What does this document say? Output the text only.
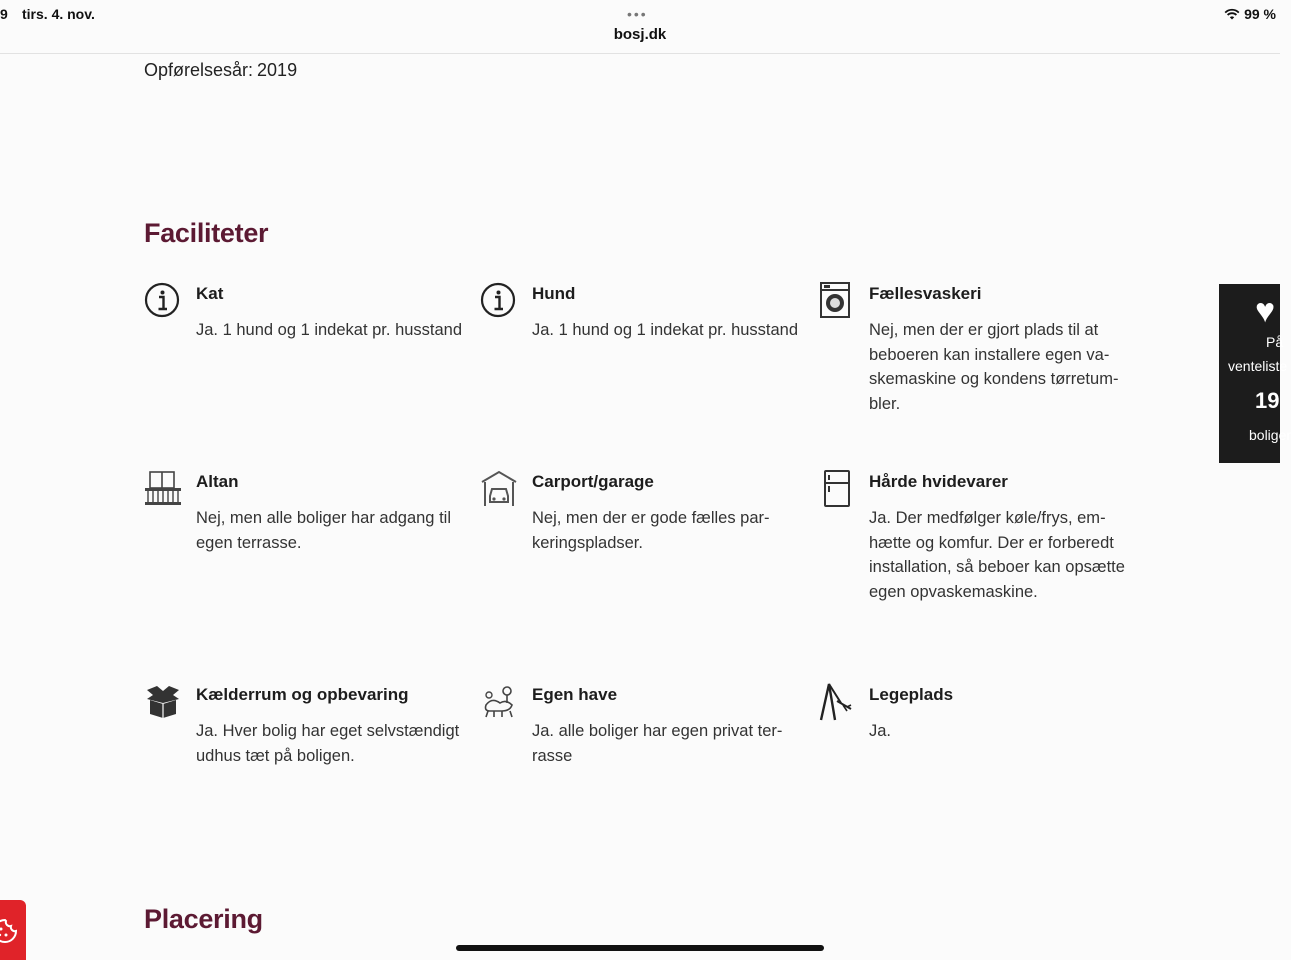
9 tirs. 4. nov.	•••
bosj.dk
99 %
Opførelsesår: 2019
Faciliteter
Kat
Ja. 1 hund og 1 indekat pr. husstand
Hund
Ja. 1 hund og 1 indekat pr. husstand
Fællesvaskeri
Nej, men der er gjort plads til at beboeren kan installere egen vaskemaskine og kondens tørretumbler.
Altan
Nej, men alle boliger har adgang til egen terrasse.
Carport/garage
Nej, men der er gode fælles parkeringspladser.
Hårde hvidevarer
Ja. Der medfølger køle/frys, emhætte og komfur. Der er forberedt installation, så beboer kan opsætte egen opvaskemaskine.
Kælderrum og opbevaring
Ja. Hver bolig har eget selvstændigt udhus tæt på boligen.
Egen have
Ja. alle boliger har egen privat terrasse
Legeplads
Ja.
Placering
♥
På
venteliste
19
boliger
